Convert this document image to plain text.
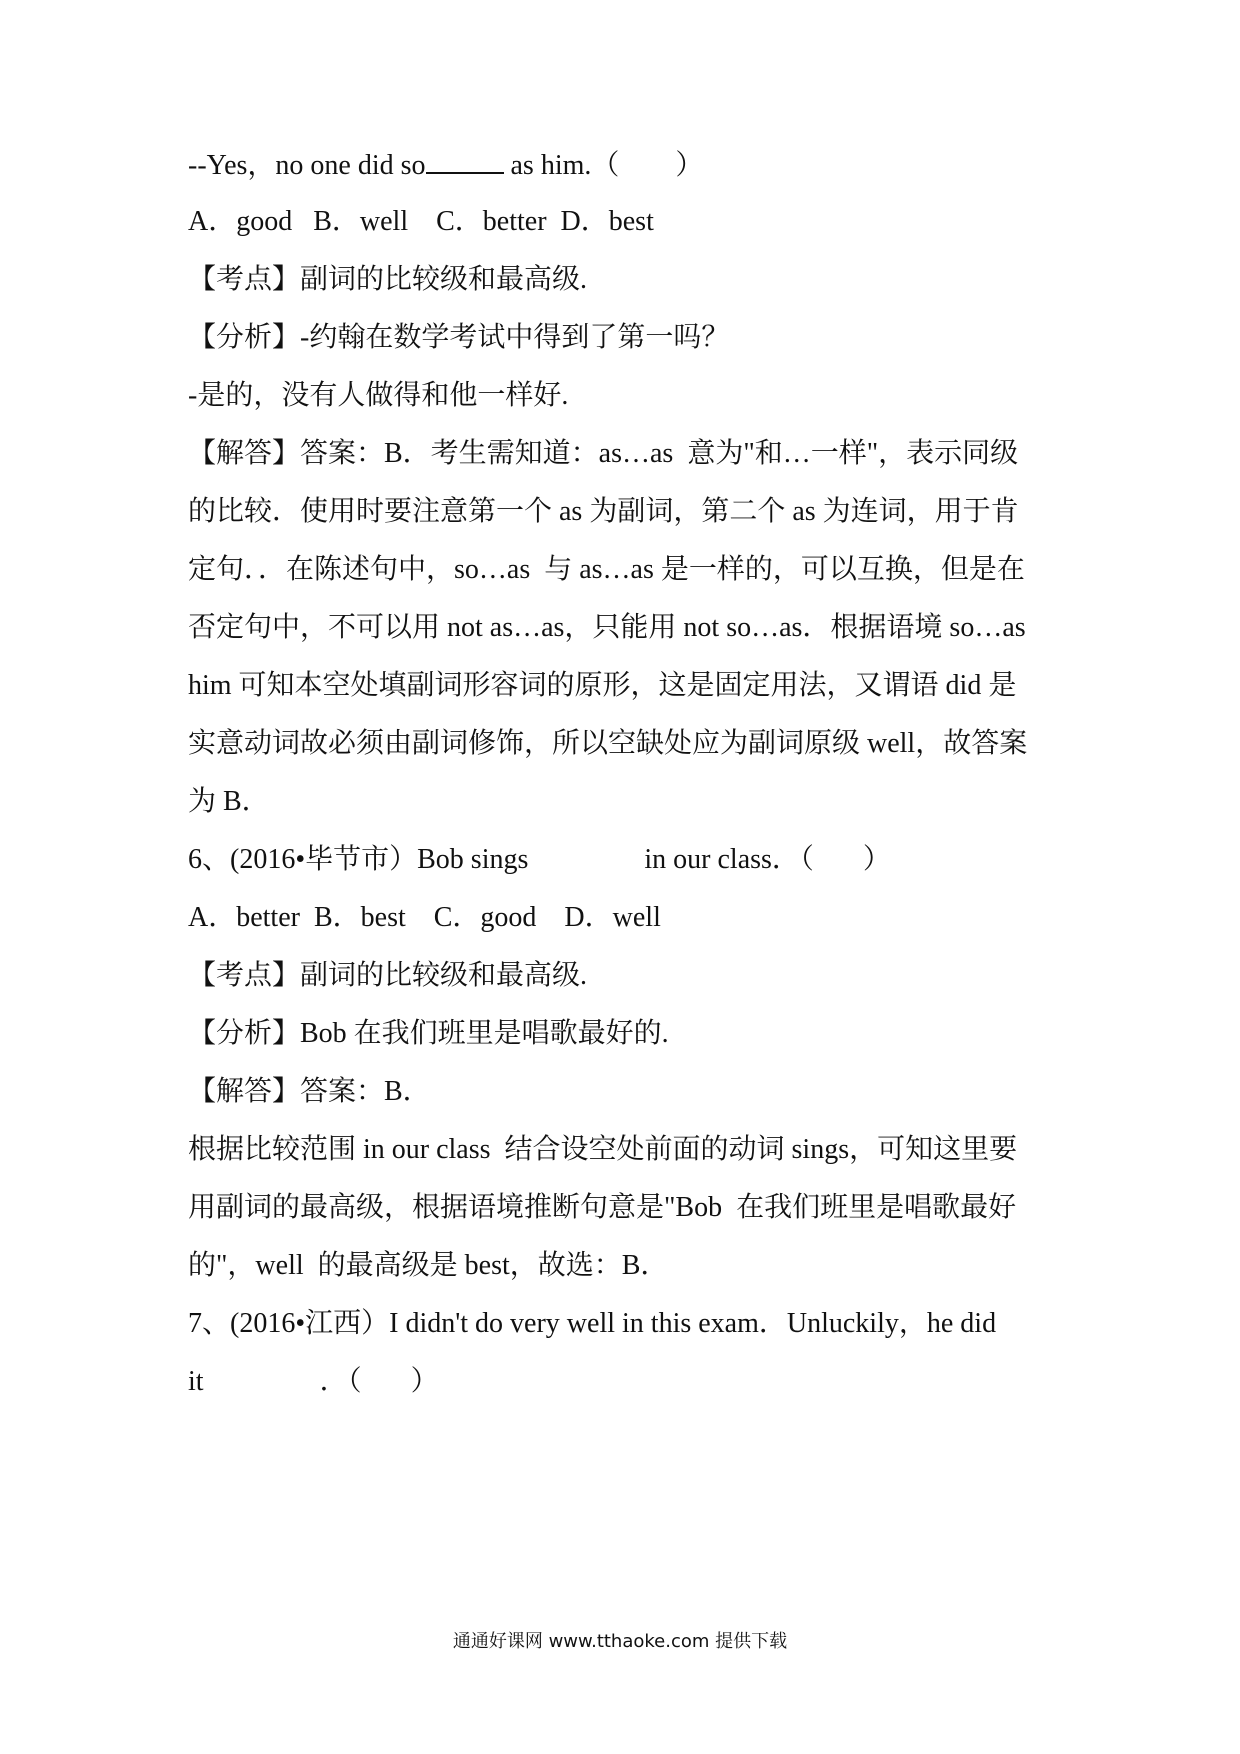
--Yes，no one did so	as him.（        ）
A．good   B．well    C．better  D．best
【考点】副词的比较级和最高级.
【分析】-约翰在数学考试中得到了第一吗？
-是的，没有人做得和他一样好.
【解答】答案：B．考生需知道：as…as  意为"和…一样"，表示同级
的比较．使用时要注意第一个 as 为副词，第二个 as 为连词，用于肯
定句．．在陈述句中，so…as  与 as…as 是一样的，可以互换，但是在
否定句中，不可以用 not as…as，只能用 not so…as．根据语境 so…as
him 可知本空处填副词形容词的原形，这是固定用法，又谓语 did 是
实意动词故必须由副词修饰，所以空缺处应为副词原级 well，故答案
为 B．
6、(2016•毕节市）Bob sings	in our class．（       ）
A．better  B．best    C．good    D．well
【考点】副词的比较级和最高级.
【分析】Bob 在我们班里是唱歌最好的.
【解答】答案：B．
根据比较范围 in our class  结合设空处前面的动词 sings，可知这里要
用副词的最高级，根据语境推断句意是"Bob  在我们班里是唱歌最好
的"，well  的最高级是 best，故选：B．
7、(2016•江西）I didn't do very well in this exam．Unluckily，he did
it	．（       ）
通通好课网 www.tthaoke.com 提供下载
